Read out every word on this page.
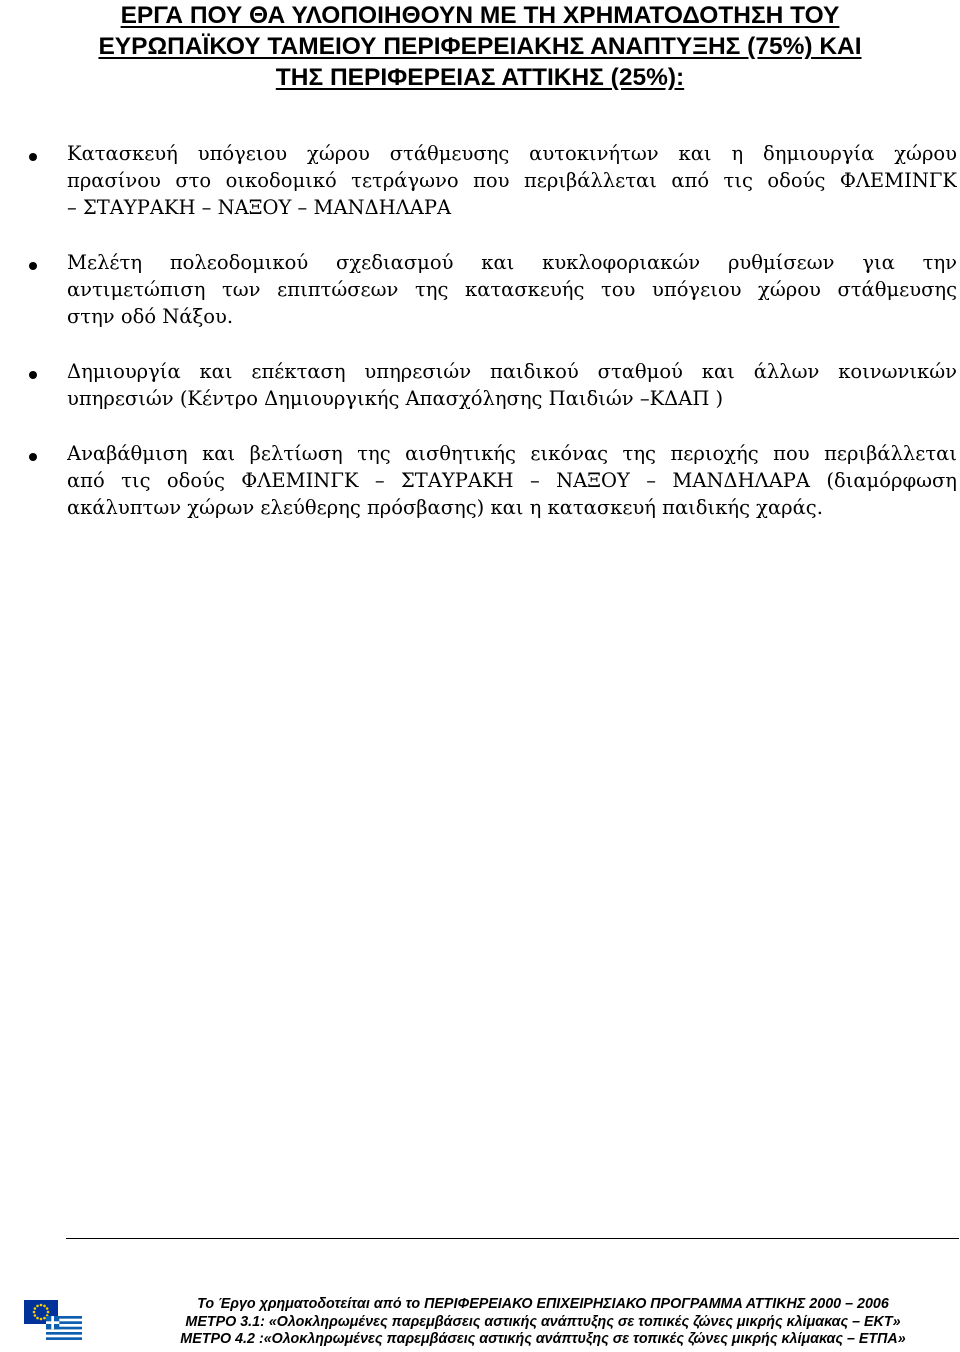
ΕΡΓΑ ΠΟΥ ΘΑ ΥΛΟΠΟΙΗΘΟΥΝ ΜΕ ΤΗ ΧΡΗΜΑΤΟΔΟΤΗΣΗ ΤΟΥ
ΕΥΡΩΠΑΪΚΟΥ ΤΑΜΕΙΟΥ ΠΕΡΙΦΕΡΕΙΑΚΗΣ ΑΝΑΠΤΥΞΗΣ (75%) ΚΑΙ
ΤΗΣ ΠΕΡΙΦΕΡΕΙΑΣ ΑΤΤΙΚΗΣ (25%):
Κατασκευή υπόγειου χώρου στάθμευσης αυτοκινήτων και η δημιουργία χώρου
πρασίνου στο οικοδομικό τετράγωνο που περιβάλλεται από τις οδούς ΦΛΕΜΙΝΓΚ
– ΣΤΑΥΡΑΚΗ – ΝΑΞΟΥ – ΜΑΝΔΗΛΑΡΑ
Μελέτη πολεοδομικού σχεδιασμού και κυκλοφοριακών ρυθμίσεων για την
αντιμετώπιση των επιπτώσεων της κατασκευής του υπόγειου χώρου στάθμευσης
στην οδό Νάξου.
Δημιουργία και επέκταση υπηρεσιών παιδικού σταθμού και άλλων κοινωνικών
υπηρεσιών (Κέντρο Δημιουργικής Απασχόλησης Παιδιών –ΚΔΑΠ )
Αναβάθμιση και βελτίωση της αισθητικής εικόνας της περιοχής που περιβάλλεται
από τις οδούς ΦΛΕΜΙΝΓΚ – ΣΤΑΥΡΑΚΗ – ΝΑΞΟΥ – ΜΑΝΔΗΛΑΡΑ (διαμόρφωση
ακάλυπτων χώρων ελεύθερης πρόσβασης) και η κατασκευή παιδικής χαράς.
Το Έργο χρηματοδοτείται από το ΠΕΡΙΦΕΡΕΙΑΚΟ ΕΠΙΧΕΙΡΗΣΙΑΚΟ ΠΡΟΓΡΑΜΜΑ ΑΤΤΙΚΗΣ 2000 – 2006
ΜΕΤΡΟ 3.1: «Ολοκληρωμένες παρεμβάσεις αστικής ανάπτυξης σε τοπικές ζώνες μικρής κλίμακας – ΕΚΤ»
ΜΕΤΡΟ 4.2 :«Ολοκληρωμένες παρεμβάσεις αστικής ανάπτυξης σε τοπικές ζώνες μικρής κλίμακας – ΕΤΠΑ»
